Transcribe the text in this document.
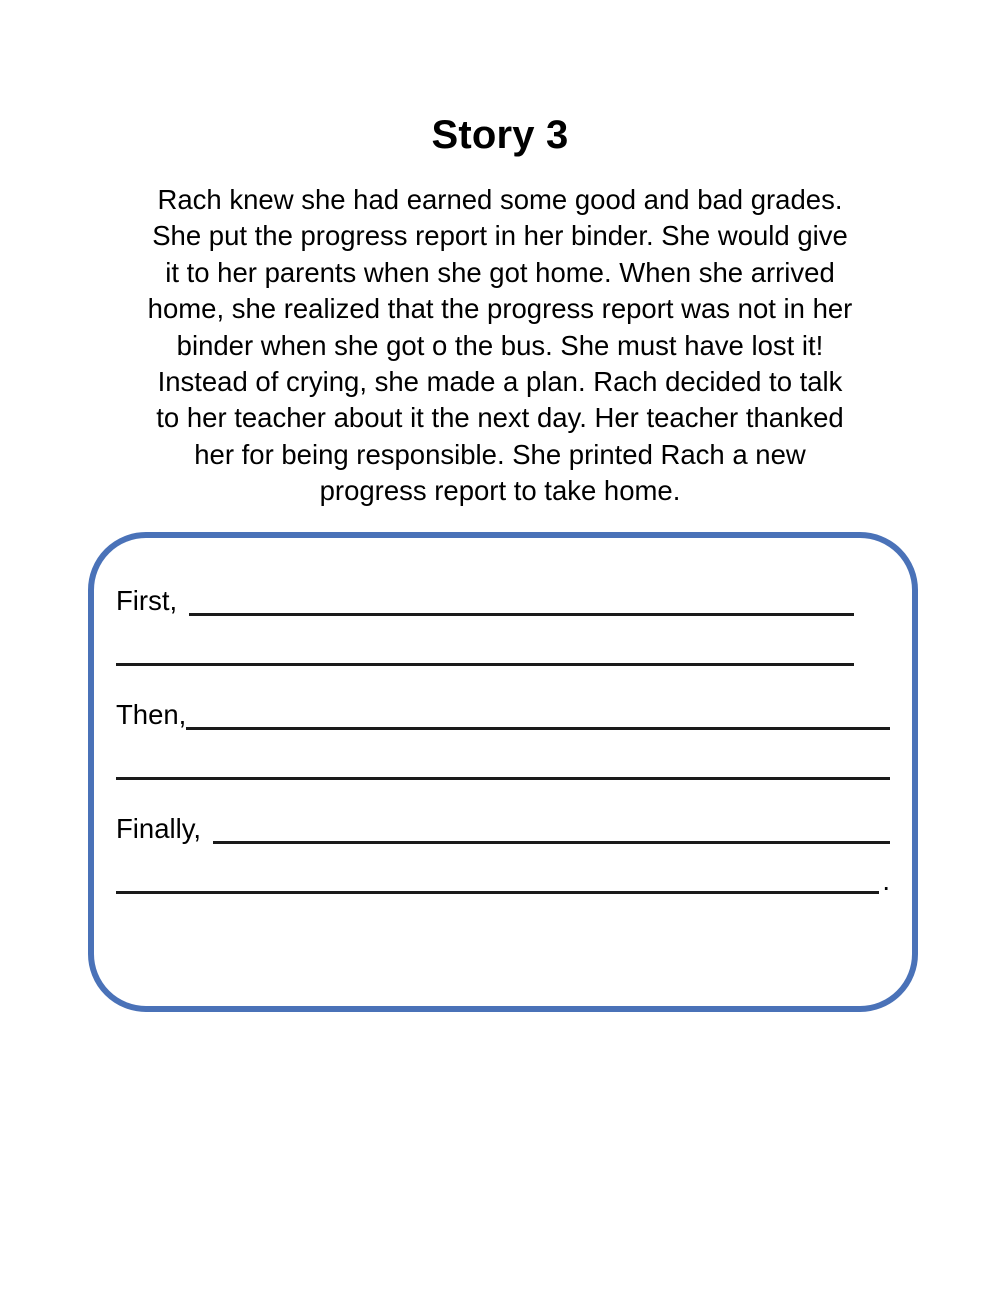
Story 3
Rach knew she had earned some good and bad grades.
She put the progress report in her binder. She would give
it to her parents when she got home. When she arrived
home, she realized that the progress report was not in her
binder when she got o the bus. She must have lost it!
Instead of crying, she made a plan. Rach decided to talk
to her teacher about it the next day. Her teacher thanked
her for being responsible. She printed Rach a new
progress report to take home.
First,
Then,
Finally,
.
